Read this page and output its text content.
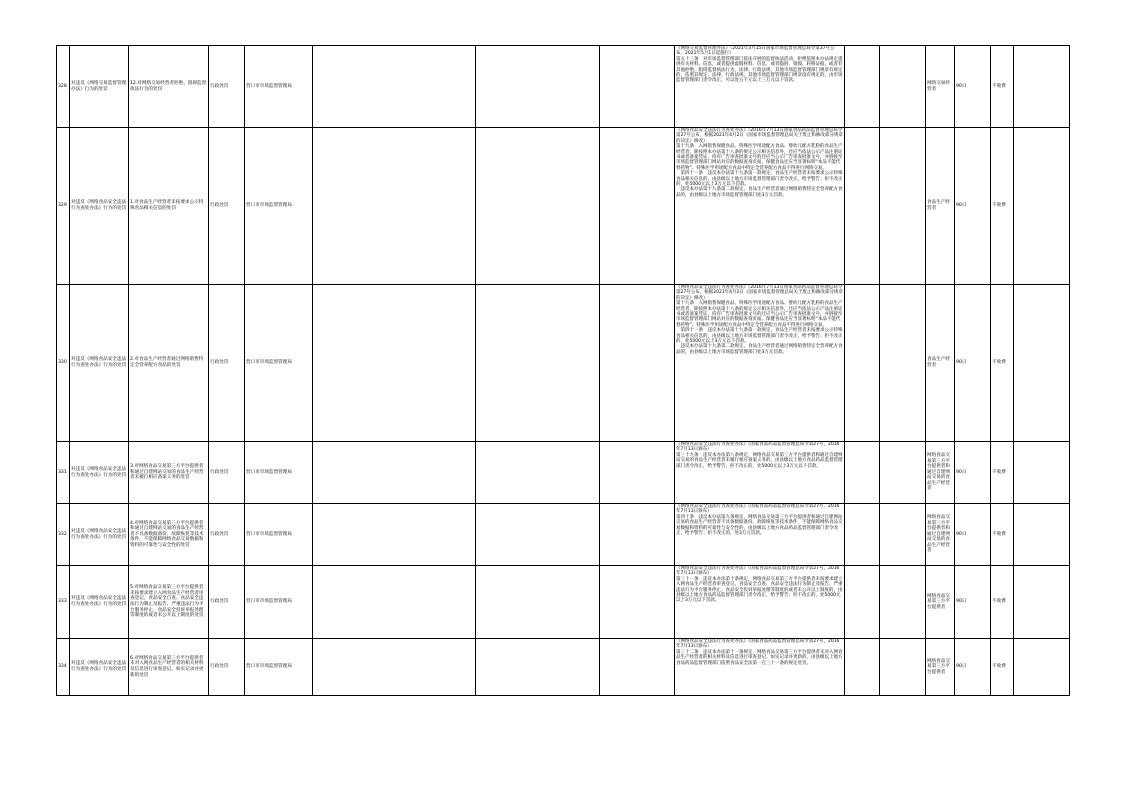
328	对违反《网络交易监督管理办法》行为的处罚	12.对网络交易经营者拒绝、阻碍监督执法行为的处罚	行政处罚	营口市市场监督管理局				《网络交易监督管理办法》（2021年3月15日国家市场监督管理总局令第37号公布，2021年5月1日起施行）
第五十三条　对市场监督管理部门依法开展的监督执法活动，拒绝依照本办法规定提供有关材料、信息，或者提供虚假材料、信息，或者隐匿、销毁、转移证据，或者有其他拒绝、阻碍监督执法行为，法律、行政法规、其他市场监督管理部门规章有规定的，依照其规定；法律、行政法规、其他市场监督管理部门规章没有规定的，由市场监督管理部门责令改正，可以处五千元以上三万元以下罚款。			网络交易经营者	90日	不收费	
329	对违反《网络食品安全违法行为查处办法》行为的处罚	1.对食品生产经营者未按要求公示特殊食品相关信息的处罚	行政处罚	营口市市场监督管理局				《网络食品安全违法行为查处办法》（2016年7月13日国家食品药品监督管理总局令第27号公布，根据2021年4月2日《国家市场监督管理总局关于废止和修改部分规章的决定》修改）
第十九条　入网销售保健食品、特殊医学用途配方食品、婴幼儿配方乳粉的食品生产经营者，除按照本办法第十八条的规定公示相关信息外，还应当依法公示产品注册证书或者备案凭证，持有广告审查批准文号的还应当公示广告审查批准文号，并链接至市场监督管理部门网站对应的数据查询页面。保健食品还应当显著标明“本品不能代替药物”。特殊医学用途配方食品中特定全营养配方食品不得进行网络交易。
　第四十一条　违反本办法第十九条第一款规定，食品生产经营者未按要求公示特殊食品相关信息的，由县级以上地方市场监督管理部门责令改正，给予警告；拒不改正的，处5000元以上3万元以下罚款。
　违反本办法第十九条第二款规定，食品生产经营者通过网络销售特定全营养配方食品的，由县级以上地方市场监督管理部门处3万元罚款。			食品生产经营者	90日	不收费	
330	对违反《网络食品安全违法行为查处办法》行为的处罚	2.对食品生产经营者通过网络销售特定全营养配方食品的处罚	行政处罚	营口市市场监督管理局				《网络食品安全违法行为查处办法》（2016年7月13日国家食品药品监督管理总局令第27号公布，根据2021年4月2日《国家市场监督管理总局关于废止和修改部分规章的决定》修改）
第十九条　入网销售保健食品、特殊医学用途配方食品、婴幼儿配方乳粉的食品生产经营者，除按照本办法第十八条的规定公示相关信息外，还应当依法公示产品注册证书或者备案凭证，持有广告审查批准文号的还应当公示广告审查批准文号，并链接至市场监督管理部门网站对应的数据查询页面。保健食品还应当显著标明“本品不能代替药物”。特殊医学用途配方食品中特定全营养配方食品不得进行网络交易。
　第四十一条　违反本办法第十九条第一款规定，食品生产经营者未按要求公示特殊食品相关信息的，由县级以上地方市场监督管理部门责令改正，给予警告；拒不改正的，处5000元以上3万元以下罚款。
　违反本办法第十九条第二款规定，食品生产经营者通过网络销售特定全营养配方食品的，由县级以上地方市场监督管理部门处3万元罚款。			食品生产经营者	90日	不收费	
331	对违反《网络食品安全违法行为查处办法》行为的处罚	3.对网络食品交易第三方平台提供者和通过自建网站交易的食品生产经营者未履行相应备案义务的处罚	行政处罚	营口市市场监督管理局				《网络食品安全违法行为查处办法》（国家食品药品监督管理总局令第27号，2016年7月13日颁布）
第三十九条　违反本办法第八条规定，网络食品交易第三方平台提供者和通过自建网站交易的食品生产经营者未履行相应备案义务的，由县级以上地方食品药品监督管理部门责令改正，给予警告；拒不改正的，处5000元以上3万元以下罚款。			网络食品交易第三方平台提供者和通过自建网站交易的食品生产经营者	90日	不收费	
332	对违反《网络食品安全违法行为查处办法》行为的处罚	4.对网络食品交易第三方平台提供者和通过自建网站交易的食品生产经营者不具备数据备份、故障恢复等技术条件，不能保障网络食品交易数据和资料的可靠性与安全性的处罚	行政处罚	营口市市场监督管理局				《网络食品安全违法行为查处办法》（国家食品药品监督管理总局令第27号，2016年7月13日颁布）
第四十条　违反本办法第九条规定，网络食品交易第三方平台提供者和通过自建网站交易的食品生产经营者不具备数据备份、故障恢复等技术条件，不能保障网络食品交易数据和资料的可靠性与安全性的，由县级以上地方食品药品监督管理部门责令改正，给予警告；拒不改正的，处3万元罚款。			网络食品交易第三方平台提供者和通过自建网站交易的食品生产经营者	90日	不收费	
333	对违反《网络食品安全违法行为查处办法》行为的处罚	5.对网络食品交易第三方平台提供者未按要求建立入网食品生产经营者审查登记、食品安全自查、食品安全违法行为制止及报告、严重违法行为平台服务停止、食品安全投诉举报处理等制度的或者未公开以上制度的处罚	行政处罚	营口市市场监督管理局				《网络食品安全违法行为查处办法》（国家食品药品监督管理总局令第27号，2016年7月13日颁布）
第三十一条　违反本办法第十条规定，网络食品交易第三方平台提供者未按要求建立入网食品生产经营者审查登记、食品安全自查、食品安全违法行为制止及报告、严重违法行为平台服务停止、食品安全投诉举报处理等制度的或者未公开以上制度的，由县级以上地方食品药品监督管理部门责令改正，给予警告；拒不改正的，处5000元以上3万元以下罚款。			网络食品交易第三方平台提供者	90日	不收费	
334	对违反《网络食品安全违法行为查处办法》行为的处罚	6.对网络食品交易第三方平台提供者未对入网食品生产经营者的相关材料及信息进行审查登记、如实记录并更新的处罚	行政处罚	营口市市场监督管理局				《网络食品安全违法行为查处办法》（国家食品药品监督管理总局令第27号，2016年7月13日颁布）
第三十二条　违反本办法第十一条规定，网络食品交易第三方平台提供者未对入网食品生产经营者的相关材料及信息进行审查登记、如实记录并更新的，由县级以上地方食品药品监督管理部门依照食品安全法第一百三十一条的规定处罚。			网络食品交易第三方平台提供者	90日	不收费	
